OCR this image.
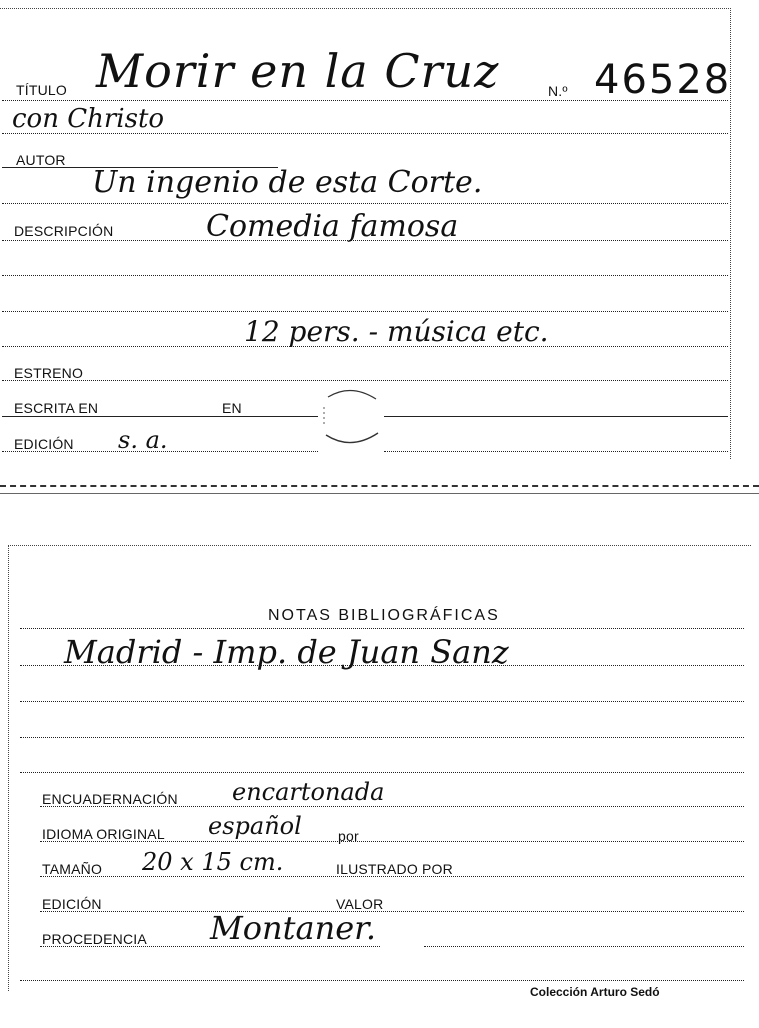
TÍTULO Morir en la Cruz	N.º 46528
con Christo
AUTOR
Un ingenio de esta Corte.
DESCRIPCIÓN	Comedia famosa
12 pers. - música etc.
ESTRENO
ESCRITA EN	EN
EDICIÓN s. a.
NOTAS BIBLIOGRÁFICAS
Madrid - Imp. de Juan Sanz
ENCUADERNACIÓN encartonada
IDIOMA ORIGINAL español	por
TAMAÑO 20 x 15 cm.	ILUSTRADO POR
EDICIÓN	VALOR
PROCEDENCIA Montaner.
Colección Arturo Sedó
